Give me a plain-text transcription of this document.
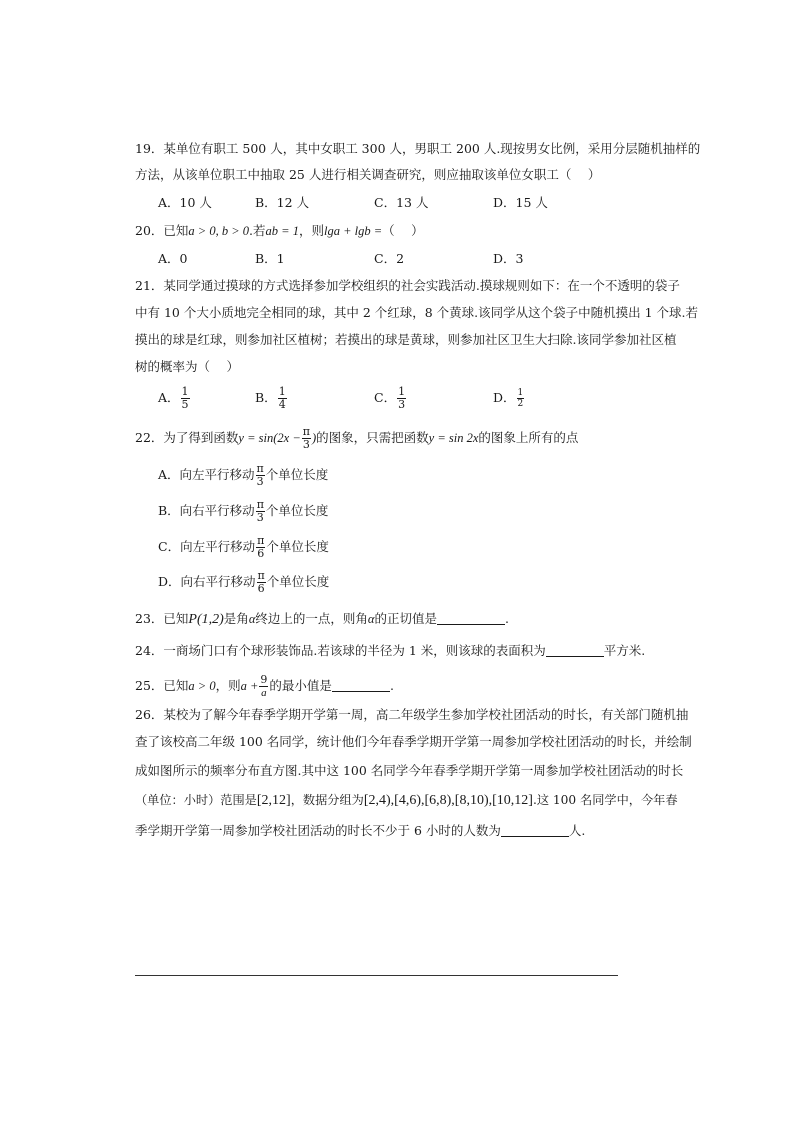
19．某单位有职工 500 人，其中女职工 300 人，男职工 200 人.现按男女比例，采用分层随机抽样的
方法，从该单位职工中抽取 25 人进行相关调查研究，则应抽取该单位女职工（　 ）
A．10 人	B．12 人	C．13 人	D．15 人
20．已知a > 0, b > 0.若ab = 1，则lga + lgb =（　 ）
A．0	B．1	C．2	D．3
21．某同学通过摸球的方式选择参加学校组织的社会实践活动.摸球规则如下：在一个不透明的袋子
中有 10 个大小质地完全相同的球，其中 2 个红球，8 个黄球.该同学从这个袋子中随机摸出 1 个球.若
摸出的球是红球，则参加社区植树；若摸出的球是黄球，则参加社区卫生大扫除.该同学参加社区植
树的概率为（　 ）
A． $\frac{1}{5}$	B． $\frac{1}{4}$	C． $\frac{1}{3}$	D． $\frac{1}{2}$
22．为了得到函数$y = \sin(2x - \frac{\pi}{3}$ )的图象，只需把函数y = sin 2x的图象上所有的点
A．向左平行移动 $\frac{\pi}{3}$ 个单位长度
B．向右平行移动 $\frac{\pi}{3}$ 个单位长度
C．向左平行移动 $\frac{\pi}{6}$ 个单位长度
D．向右平行移动 $\frac{\pi}{6}$ 个单位长度
23．已知P(1,2)是角α终边上的一点，则角α的正切值是	.
24．一商场门口有个球形装饰品.若该球的半径为 1 米，则该球的表面积为	平方米.
25．已知a > 0，则$a + \frac{9}{a}$的最小值是	.
26．某校为了解今年春季学期开学第一周，高二年级学生参加学校社团活动的时长，有关部门随机抽
查了该校高二年级 100 名同学，统计他们今年春季学期开学第一周参加学校社团活动的时长，并绘制
成如图所示的频率分布直方图.其中这 100 名同学今年春季学期开学第一周参加学校社团活动的时长
（单位：小时）范围是[2,12]，数据分组为[2,4),[4,6),[6,8),[8,10),[10,12].这 100 名同学中，今年春
季学期开学第一周参加学校社团活动的时长不少于 6 小时的人数为	人.
